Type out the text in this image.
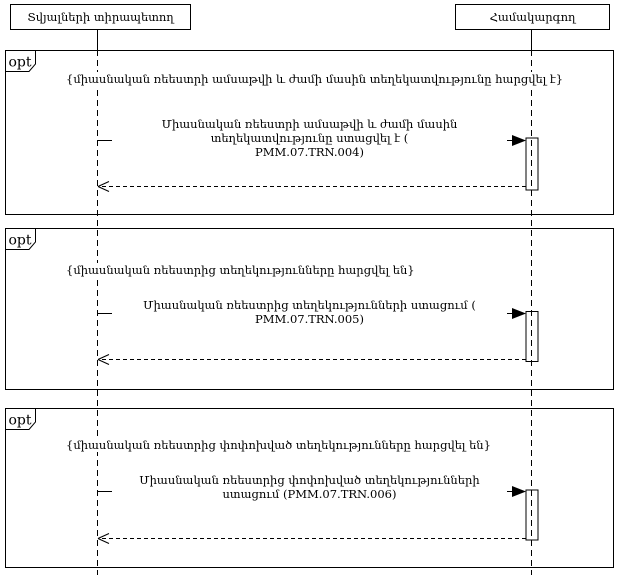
Տվյալների տիրապետող	Համակարգող
opt
opt
opt
{միասնական ռեեստրի ամսաթվի և ժամի մասին տեղեկատվությունը հարցվել է}
{միասնական ռեեստրից տեղեկությունները հարցվել են}
{միասնական ռեեստրից փոփոխված տեղեկությունները հարցվել են}
Միասնական ռեեստրի ամսաթվի և ժամի մասին տեղեկատվությունը ստացվել է (
PMM.07.TRN.004)
Միասնական ռեեստրից տեղեկությունների ստացում ( PMM.07.TRN.005)
Միասնական ռեեստրից փոփոխված տեղեկությունների ստացում (PMM.07.TRN.006)
